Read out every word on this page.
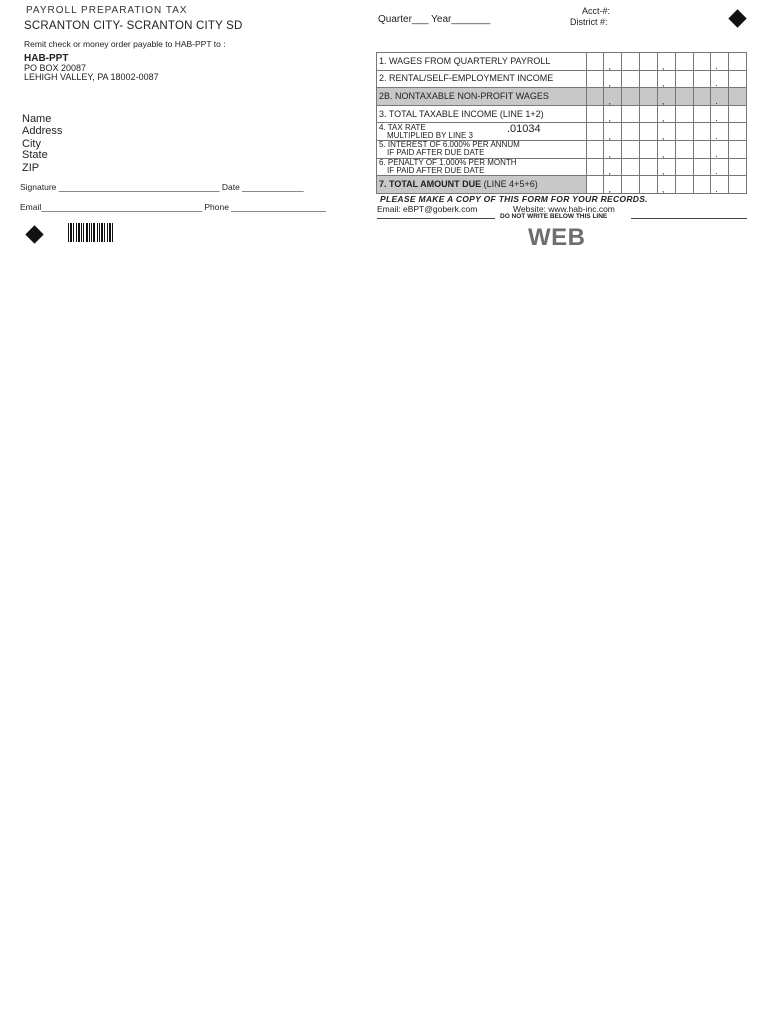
PAYROLL PREPARATION TAX
SCRANTON CITY- SCRANTON CITY SD
Remit check or money order payable to HAB-PPT to :
HAB-PPT
PO BOX 20087
LEHIGH VALLEY, PA 18002-0087
Name
Address
City
State
ZIP
Signature __________________________________ Date _____________
Email__________________________________ Phone ____________________
Quarter___ Year_______
Acct-#:
District #:
1. WAGES FROM QUARTERLY PAYROLL		,			,			.	

2. RENTAL/SELF-EMPLOYMENT INCOME		,			,			.	

2B. NONTAXABLE NON-PROFIT WAGES		,			,			.	

3. TOTAL TAXABLE INCOME (LINE 1+2)		,			,			.	

4. TAX RATE
MULTIPLIED BY LINE 3 .01034		,			,			.	

5. INTEREST OF 6.000% PER ANNUM
IF PAID AFTER DUE DATE		,			,			.	

6. PENALTY OF 1.000% PER MONTH
IF PAID AFTER DUE DATE		,			,			.	

7. TOTAL AMOUNT DUE (LINE 4+5+6)		,			,			.	

PLEASE MAKE A COPY OF THIS FORM FOR YOUR RECORDS.
Email: eBPT@goberk.com	Website: www.hab-inc.com
DO NOT WRITE BELOW THIS LINE
WEB
